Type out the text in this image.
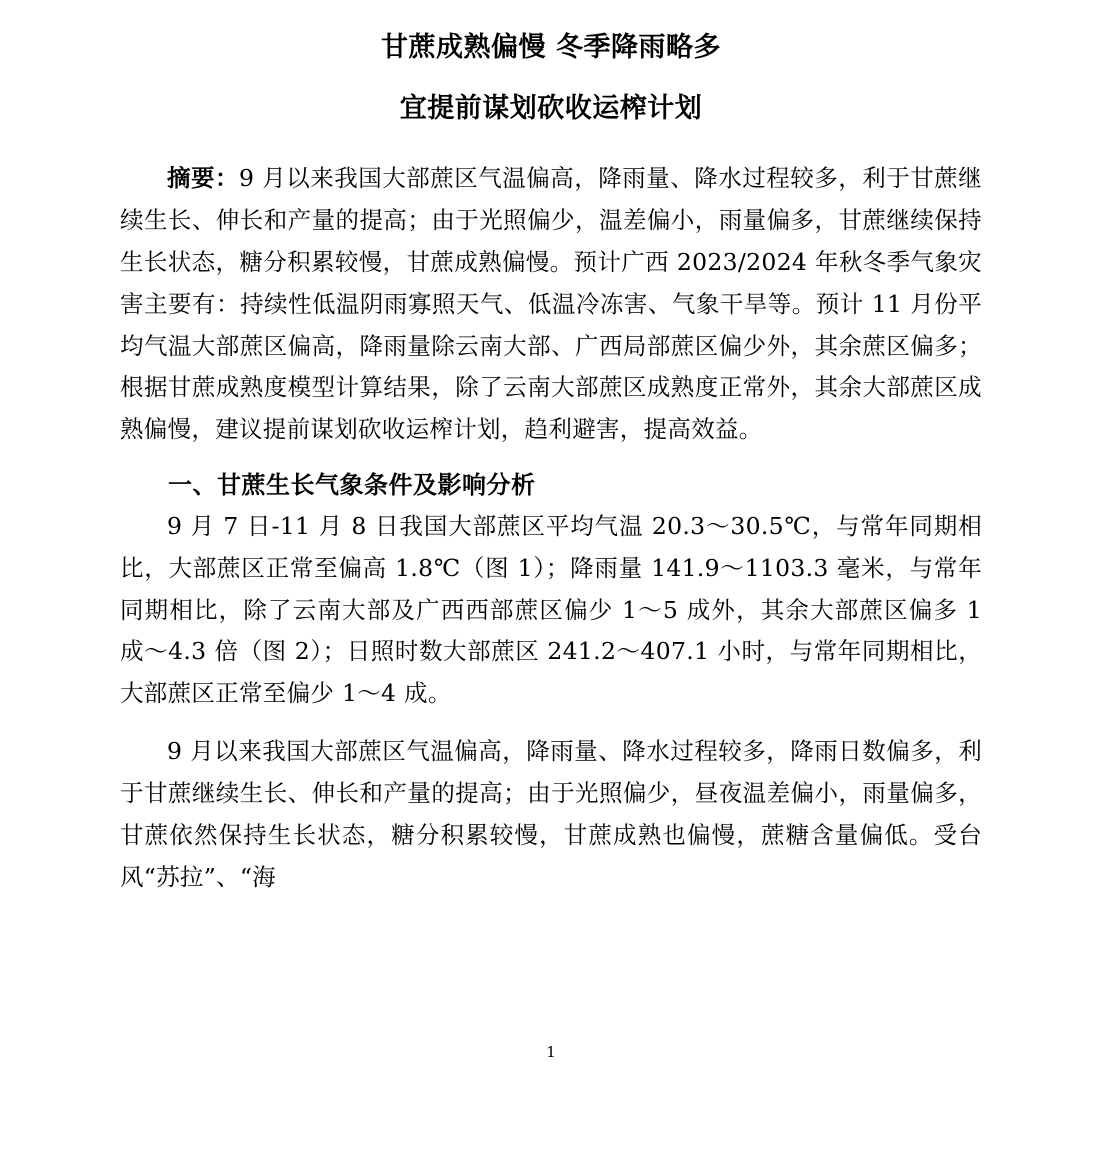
甘蔗成熟偏慢 冬季降雨略多
宜提前谋划砍收运榨计划

摘要：9 月以来我国大部蔗区气温偏高，降雨量、降水过程较多，利于甘蔗继续生长、伸长和产量的提高；由于光照偏少，温差偏小，雨量偏多，甘蔗继续保持生长状态，糖分积累较慢，甘蔗成熟偏慢。预计广西 2023/2024 年秋冬季气象灾害主要有：持续性低温阴雨寡照天气、低温冷冻害、气象干旱等。预计 11 月份平均气温大部蔗区偏高，降雨量除云南大部、广西局部蔗区偏少外，其余蔗区偏多；根据甘蔗成熟度模型计算结果，除了云南大部蔗区成熟度正常外，其余大部蔗区成熟偏慢，建议提前谋划砍收运榨计划，趋利避害，提高效益。

一、甘蔗生长气象条件及影响分析

9 月 7 日-11 月 8 日我国大部蔗区平均气温 20.3～30.5℃，与常年同期相比，大部蔗区正常至偏高 1.8℃（图 1）；降雨量 141.9～1103.3 毫米，与常年同期相比，除了云南大部及广西西部蔗区偏少 1～5 成外，其余大部蔗区偏多 1 成～4.3 倍（图 2）；日照时数大部蔗区 241.2～407.1 小时，与常年同期相比，大部蔗区正常至偏少 1～4 成。

9 月以来我国大部蔗区气温偏高，降雨量、降水过程较多，降雨日数偏多，利于甘蔗继续生长、伸长和产量的提高；由于光照偏少，昼夜温差偏小，雨量偏多，甘蔗依然保持生长状态，糖分积累较慢，甘蔗成熟也偏慢，蔗糖含量偏低。受台风“苏拉”、“海

1
